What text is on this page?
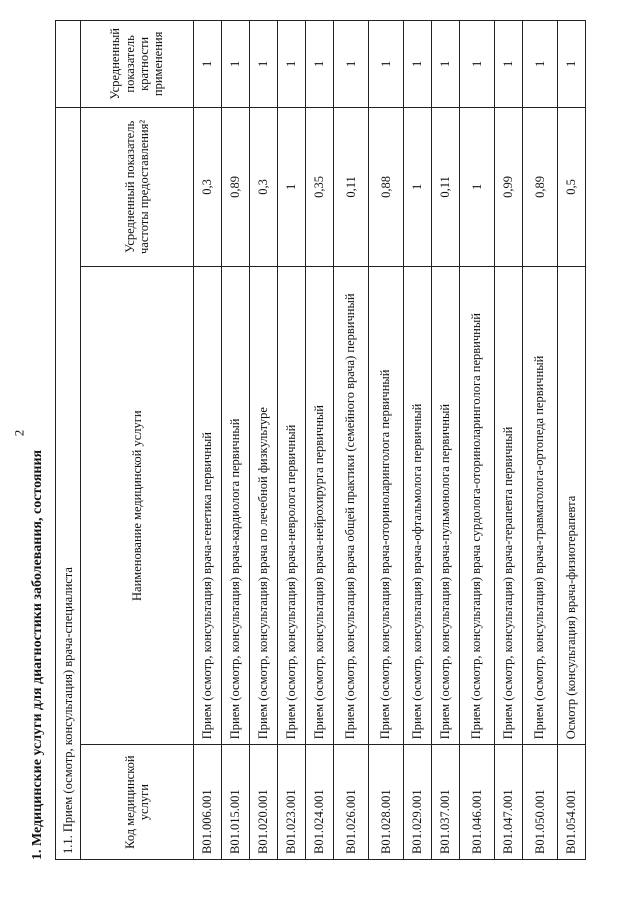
2
1. Медицинские услуги для диагностики заболевания, состояния 1.1. Прием (осмотр, консультация) врача-специалиста			
Код медицинской услуги	Наименование медицинской услуги	Усредненный показатель частоты предоставления²	Усредненный показатель кратности применения
B01.006.001	Прием (осмотр, консультация) врача-генетика первичный	0,3	1
B01.015.001	Прием (осмотр, консультация) врача-кардиолога первичный	0,89	1
B01.020.001	Прием (осмотр, консультация) врача по лечебной физкультуре	0,3	1
B01.023.001	Прием (осмотр, консультация) врача-невролога первичный	1	1
B01.024.001	Прием (осмотр, консультация) врача-нейрохирурга первичный	0,35	1
B01.026.001	Прием (осмотр, консультация) врача общей практики (семейного врача) первичный	0,11	1
B01.028.001	Прием (осмотр, консультация) врача-оториноларинголога первичный	0,88	1
B01.029.001	Прием (осмотр, консультация) врача-офтальмолога первичный	1	1
B01.037.001	Прием (осмотр, консультация) врача-пульмонолога первичный	0,11	1
B01.046.001	Прием (осмотр, консультация) врача сурдолога-оториноларинголога первичный	1	1
B01.047.001	Прием (осмотр, консультация) врача-терапевта первичный	0,99	1
B01.050.001	Прием (осмотр, консультация) врача-травматолога-ортопеда первичный	0,89	1
B01.054.001	Осмотр (консультация) врача-физиотерапевта	0,5	1
